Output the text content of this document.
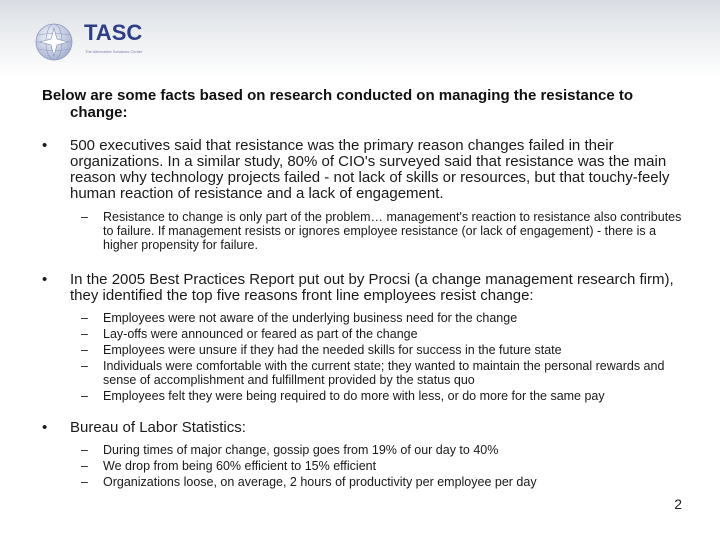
TASC
The Alternative Solutions Center
Below are some facts based on research conducted on managing the resistance to change:
• 500 executives said that resistance was the primary reason changes failed in their organizations. In a similar study, 80% of CIO's surveyed said that resistance was the main reason why technology projects failed - not lack of skills or resources, but that touchy-feely human reaction of resistance and a lack of engagement.
– Resistance to change is only part of the problem… management's reaction to resistance also contributes to failure. If management resists or ignores employee resistance (or lack of engagement) - there is a higher propensity for failure.
• In the 2005 Best Practices Report put out by Procsi (a change management research firm), they identified the top five reasons front line employees resist change:
– Employees were not aware of the underlying business need for the change
– Lay-offs were announced or feared as part of the change
– Employees were unsure if they had the needed skills for success in the future state
– Individuals were comfortable with the current state; they wanted to maintain the personal rewards and sense of accomplishment and fulfillment provided by the status quo
– Employees felt they were being required to do more with less, or do more for the same pay
• Bureau of Labor Statistics:
– During times of major change, gossip goes from 19% of our day to 40%
– We drop from being 60% efficient to 15% efficient
– Organizations loose, on average, 2 hours of productivity per employee per day
2
